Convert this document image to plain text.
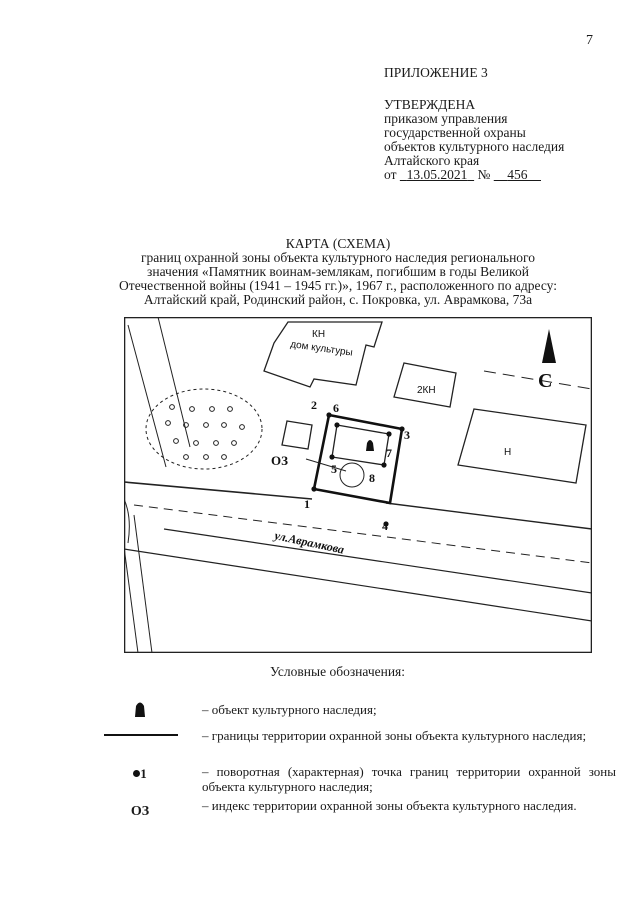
7
ПРИЛОЖЕНИЕ 3
УТВЕРЖДЕНА
приказом управления
государственной охраны
объектов культурного наследия
Алтайского края
от 13.05.2021 № 456
КАРТА (СХЕМА)
границ охранной зоны объекта культурного наследия регионального
значения «Памятник воинам-землякам, погибшим в годы Великой
Отечественной войны (1941 – 1945 гг.)», 1967 г., расположенного по адресу:
Алтайский край, Родинский район, с. Покровка, ул. Аврамкова, 73а
1
2
3
4
5
6
7
8
ОЗ
КН
дом культуры
2КН
Н
ул.Аврамкова
С
Условные обозначения:
– объект культурного наследия;
– границы территории охранной зоны объекта культурного наследия;
1	– поворотная (характерная) точка границ территории охранной зоны объекта культурного наследия;
ОЗ	– индекс территории охранной зоны объекта культурного наследия.
